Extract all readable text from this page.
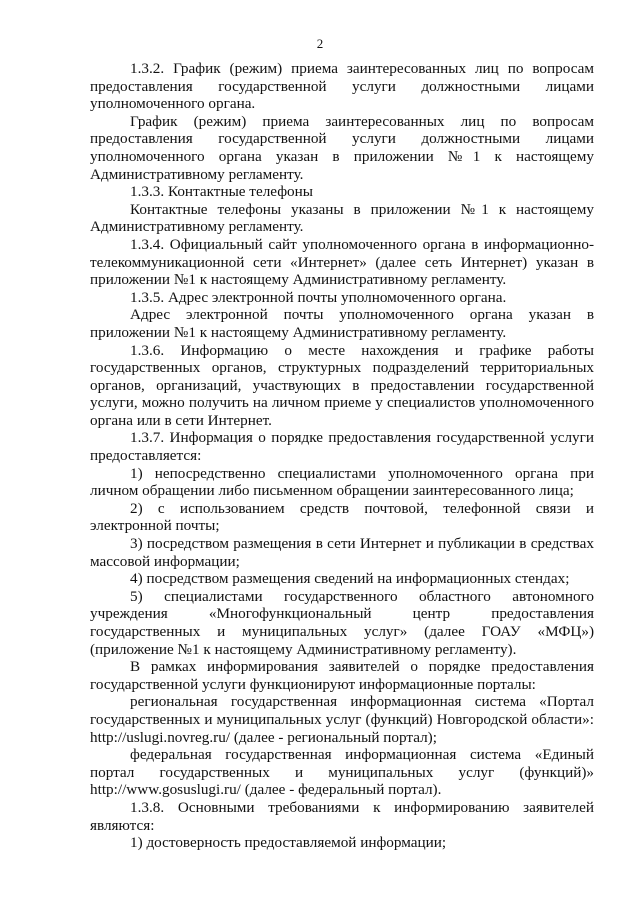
2

1.3.2. График (режим) приема заинтересованных лиц по вопросам предоставления государственной услуги должностными лицами уполномоченного органа.

График (режим) приема заинтересованных лиц по вопросам предоставления государственной услуги должностными лицами уполномоченного органа указан в приложении №1 к настоящему Административному регламенту.

1.3.3. Контактные телефоны

Контактные телефоны указаны в приложении №1 к настоящему Административному регламенту.

1.3.4. Официальный сайт уполномоченного органа в информационно-телекоммуникационной сети «Интернет» (далее сеть Интернет) указан в приложении №1 к настоящему Административному регламенту.

1.3.5. Адрес электронной почты уполномоченного органа.

Адрес электронной почты уполномоченного органа указан в приложении №1 к настоящему Административному регламенту.

1.3.6. Информацию о месте нахождения и графике работы государственных органов, структурных подразделений территориальных органов, организаций, участвующих в предоставлении государственной услуги, можно получить на личном приеме у специалистов уполномоченного органа или в сети Интернет.

1.3.7. Информация о порядке предоставления государственной услуги предоставляется:

1) непосредственно специалистами уполномоченного органа при личном обращении либо письменном обращении заинтересованного лица;

2) с использованием средств почтовой, телефонной связи и электронной почты;

3) посредством размещения в сети Интернет и публикации в средствах массовой информации;

4) посредством размещения сведений на информационных стендах;

5) специалистами государственного областного автономного учреждения «Многофункциональный центр предоставления государственных и муниципальных услуг» (далее ГОАУ «МФЦ») (приложение №1 к настоящему Административному регламенту).

В рамках информирования заявителей о порядке предоставления государственной услуги функционируют информационные порталы:

региональная государственная информационная система «Портал государственных и муниципальных услуг (функций) Новгородской области»: http://uslugi.novreg.ru/ (далее - региональный портал);

федеральная государственная информационная система «Единый портал государственных и муниципальных услуг (функций)» http://www.gosuslugi.ru/ (далее - федеральный портал).

1.3.8. Основными требованиями к информированию заявителей являются:

1) достоверность предоставляемой информации;
